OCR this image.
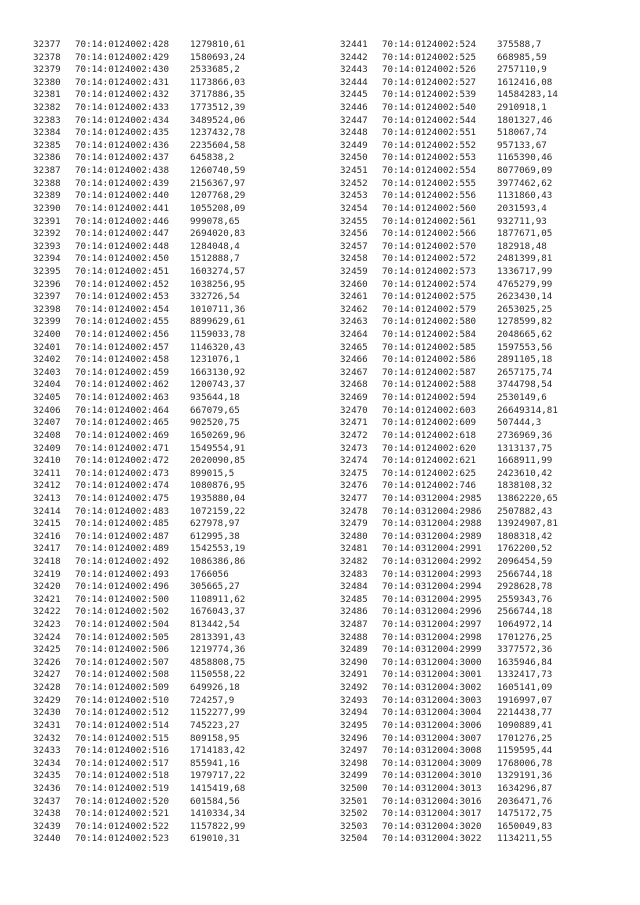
32377 70:14:0124002:428 1279810,61
32378 70:14:0124002:429 1580693,24
32379 70:14:0124002:430 2533685,2
32380 70:14:0124002:431 1173866,03
32381 70:14:0124002:432 3717886,35
32382 70:14:0124002:433 1773512,39
32383 70:14:0124002:434 3489524,06
32384 70:14:0124002:435 1237432,78
32385 70:14:0124002:436 2235604,58
32386 70:14:0124002:437 645838,2
32387 70:14:0124002:438 1260740,59
32388 70:14:0124002:439 2156367,97
32389 70:14:0124002:440 1207768,29
32390 70:14:0124002:441 1055208,09
32391 70:14:0124002:446 999078,65
32392 70:14:0124002:447 2694020,83
32393 70:14:0124002:448 1284048,4
32394 70:14:0124002:450 1512888,7
32395 70:14:0124002:451 1603274,57
32396 70:14:0124002:452 1038256,95
32397 70:14:0124002:453 332726,54
32398 70:14:0124002:454 1010711,36
32399 70:14:0124002:455 8899629,61
32400 70:14:0124002:456 1159033,78
32401 70:14:0124002:457 1146320,43
32402 70:14:0124002:458 1231076,1
32403 70:14:0124002:459 1663130,92
32404 70:14:0124002:462 1200743,37
32405 70:14:0124002:463 935644,18
32406 70:14:0124002:464 667079,65
32407 70:14:0124002:465 902520,75
32408 70:14:0124002:469 1650269,96
32409 70:14:0124002:471 1549554,91
32410 70:14:0124002:472 2020090,85
32411 70:14:0124002:473 899015,5
32412 70:14:0124002:474 1080876,95
32413 70:14:0124002:475 1935880,04
32414 70:14:0124002:483 1072159,22
32415 70:14:0124002:485 627978,97
32416 70:14:0124002:487 612995,38
32417 70:14:0124002:489 1542553,19
32418 70:14:0124002:492 1086386,86
32419 70:14:0124002:493 1766056
32420 70:14:0124002:496 305665,27
32421 70:14:0124002:500 1108911,62
32422 70:14:0124002:502 1676043,37
32423 70:14:0124002:504 813442,54
32424 70:14:0124002:505 2813391,43
32425 70:14:0124002:506 1219774,36
32426 70:14:0124002:507 4858808,75
32427 70:14:0124002:508 1150558,22
32428 70:14:0124002:509 649926,18
32429 70:14:0124002:510 724257,9
32430 70:14:0124002:512 1152277,99
32431 70:14:0124002:514 745223,27
32432 70:14:0124002:515 809158,95
32433 70:14:0124002:516 1714183,42
32434 70:14:0124002:517 855941,16
32435 70:14:0124002:518 1979717,22
32436 70:14:0124002:519 1415419,68
32437 70:14:0124002:520 601584,56
32438 70:14:0124002:521 1410334,34
32439 70:14:0124002:522 1157822,99
32440 70:14:0124002:523 619010,31
32441 70:14:0124002:524 375588,7
32442 70:14:0124002:525 668985,59
32443 70:14:0124002:526 2757110,9
32444 70:14:0124002:527 1612416,08
32445 70:14:0124002:539 14584283,14
32446 70:14:0124002:540 2910918,1
32447 70:14:0124002:544 1801327,46
32448 70:14:0124002:551 518067,74
32449 70:14:0124002:552 957133,67
32450 70:14:0124002:553 1165390,46
32451 70:14:0124002:554 8077069,09
32452 70:14:0124002:555 3977462,62
32453 70:14:0124002:556 1131860,43
32454 70:14:0124002:560 2031593,4
32455 70:14:0124002:561 932711,93
32456 70:14:0124002:566 1877671,05
32457 70:14:0124002:570 182918,48
32458 70:14:0124002:572 2481399,81
32459 70:14:0124002:573 1336717,99
32460 70:14:0124002:574 4765279,99
32461 70:14:0124002:575 2623430,14
32462 70:14:0124002:579 2653025,25
32463 70:14:0124002:580 1278599,82
32464 70:14:0124002:584 2048665,62
32465 70:14:0124002:585 1597553,56
32466 70:14:0124002:586 2891105,18
32467 70:14:0124002:587 2657175,74
32468 70:14:0124002:588 3744798,54
32469 70:14:0124002:594 2530149,6
32470 70:14:0124002:603 26649314,81
32471 70:14:0124002:609 507444,3
32472 70:14:0124002:618 2736969,36
32473 70:14:0124002:620 1313137,75
32474 70:14:0124002:621 1668911,99
32475 70:14:0124002:625 2423610,42
32476 70:14:0124002:746 1838108,32
32477 70:14:0312004:2985 13862220,65
32478 70:14:0312004:2986 2507882,43
32479 70:14:0312004:2988 13924907,81
32480 70:14:0312004:2989 1808318,42
32481 70:14:0312004:2991 1762200,52
32482 70:14:0312004:2992 2096454,59
32483 70:14:0312004:2993 2566744,18
32484 70:14:0312004:2994 2928628,78
32485 70:14:0312004:2995 2559343,76
32486 70:14:0312004:2996 2566744,18
32487 70:14:0312004:2997 1064972,14
32488 70:14:0312004:2998 1701276,25
32489 70:14:0312004:2999 3377572,36
32490 70:14:0312004:3000 1635946,84
32491 70:14:0312004:3001 1332417,73
32492 70:14:0312004:3002 1605141,09
32493 70:14:0312004:3003 1916997,07
32494 70:14:0312004:3004 2214438,77
32495 70:14:0312004:3006 1090889,41
32496 70:14:0312004:3007 1701276,25
32497 70:14:0312004:3008 1159595,44
32498 70:14:0312004:3009 1768006,78
32499 70:14:0312004:3010 1329191,36
32500 70:14:0312004:3013 1634296,87
32501 70:14:0312004:3016 2036471,76
32502 70:14:0312004:3017 1475172,75
32503 70:14:0312004:3020 1650049,83
32504 70:14:0312004:3022 1134211,55
